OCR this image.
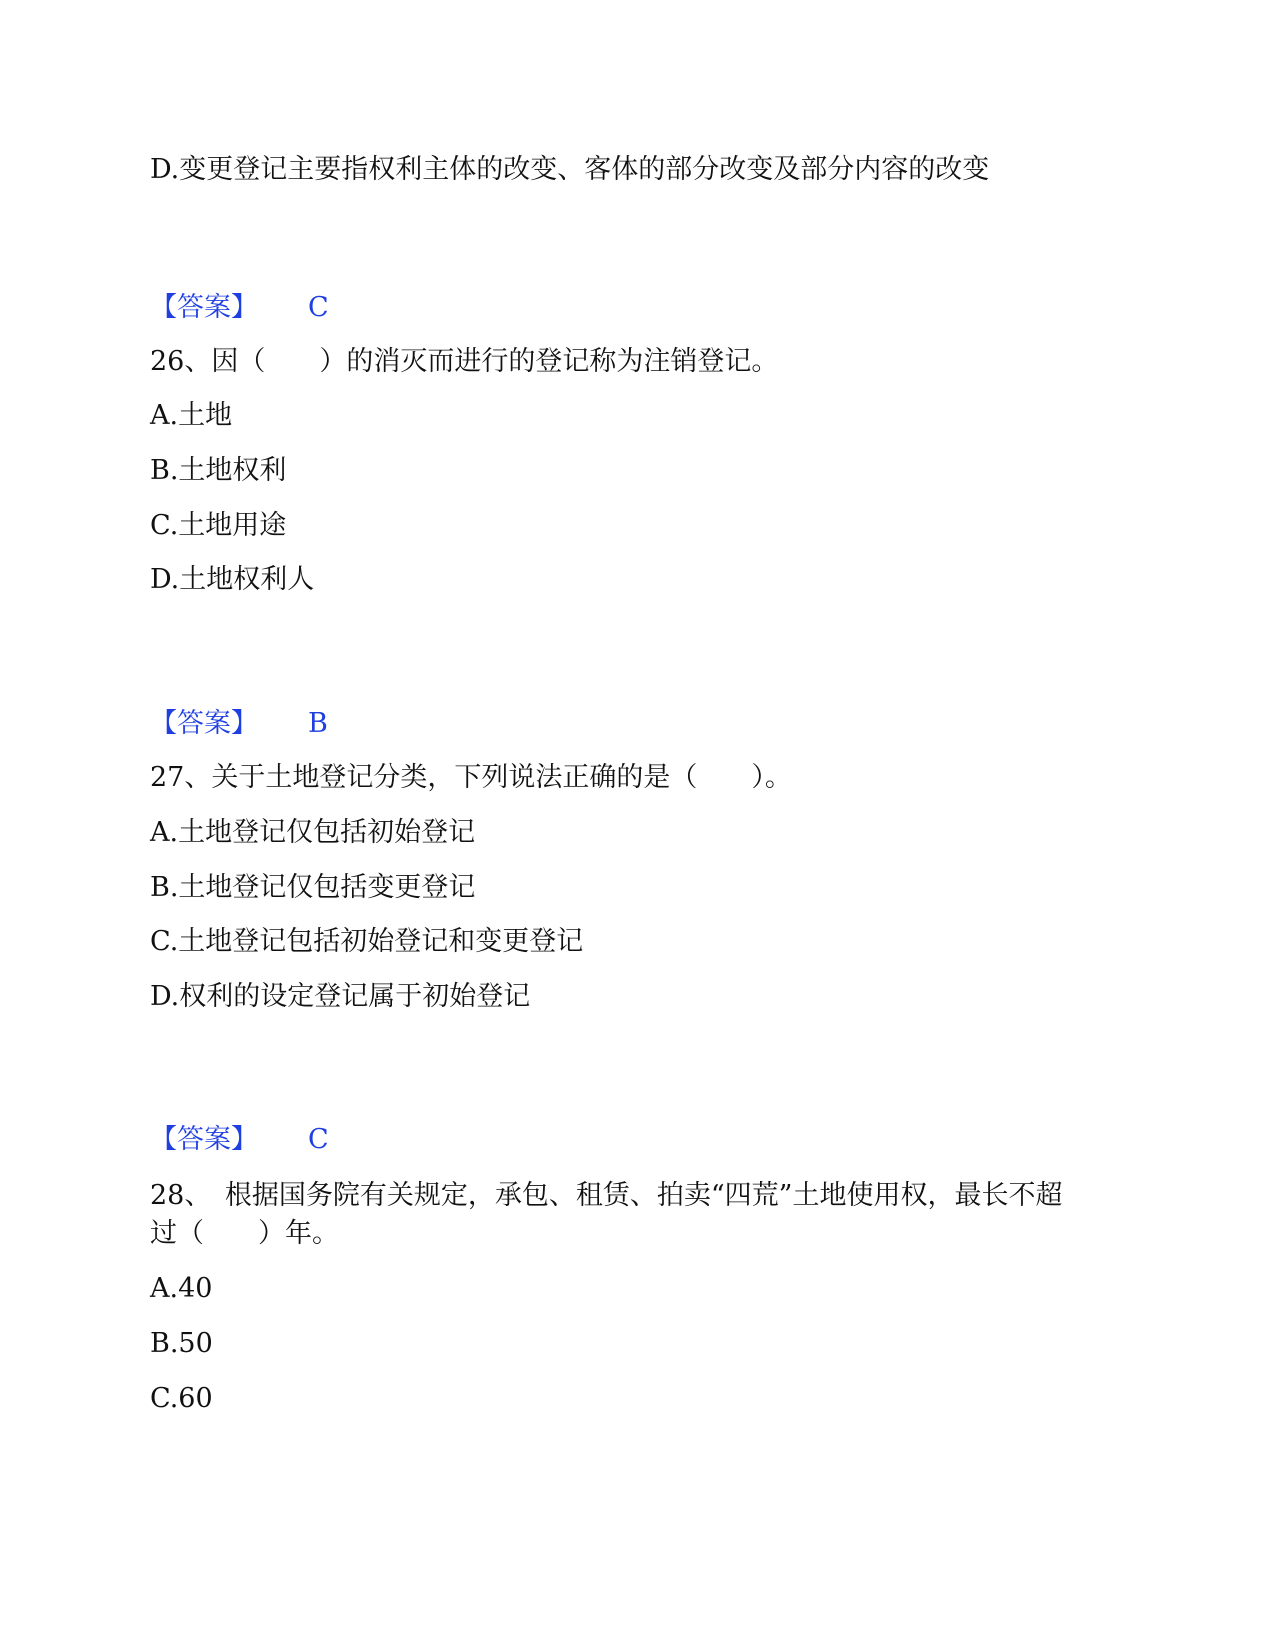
D.变更登记主要指权利主体的改变、客体的部分改变及部分内容的改变
【答案】 C
26、因（　　）的消灭而进行的登记称为注销登记。
A.土地
B.土地权利
C.土地用途
D.土地权利人
【答案】 B
27、关于土地登记分类，下列说法正确的是（　　）。
A.土地登记仅包括初始登记
B.土地登记仅包括变更登记
C.土地登记包括初始登记和变更登记
D.权利的设定登记属于初始登记
【答案】 C
28、　根据国务院有关规定，承包、租赁、拍卖“四荒”土地使用权，最长不超
过（　　）年。
A.40
B.50
C.60
